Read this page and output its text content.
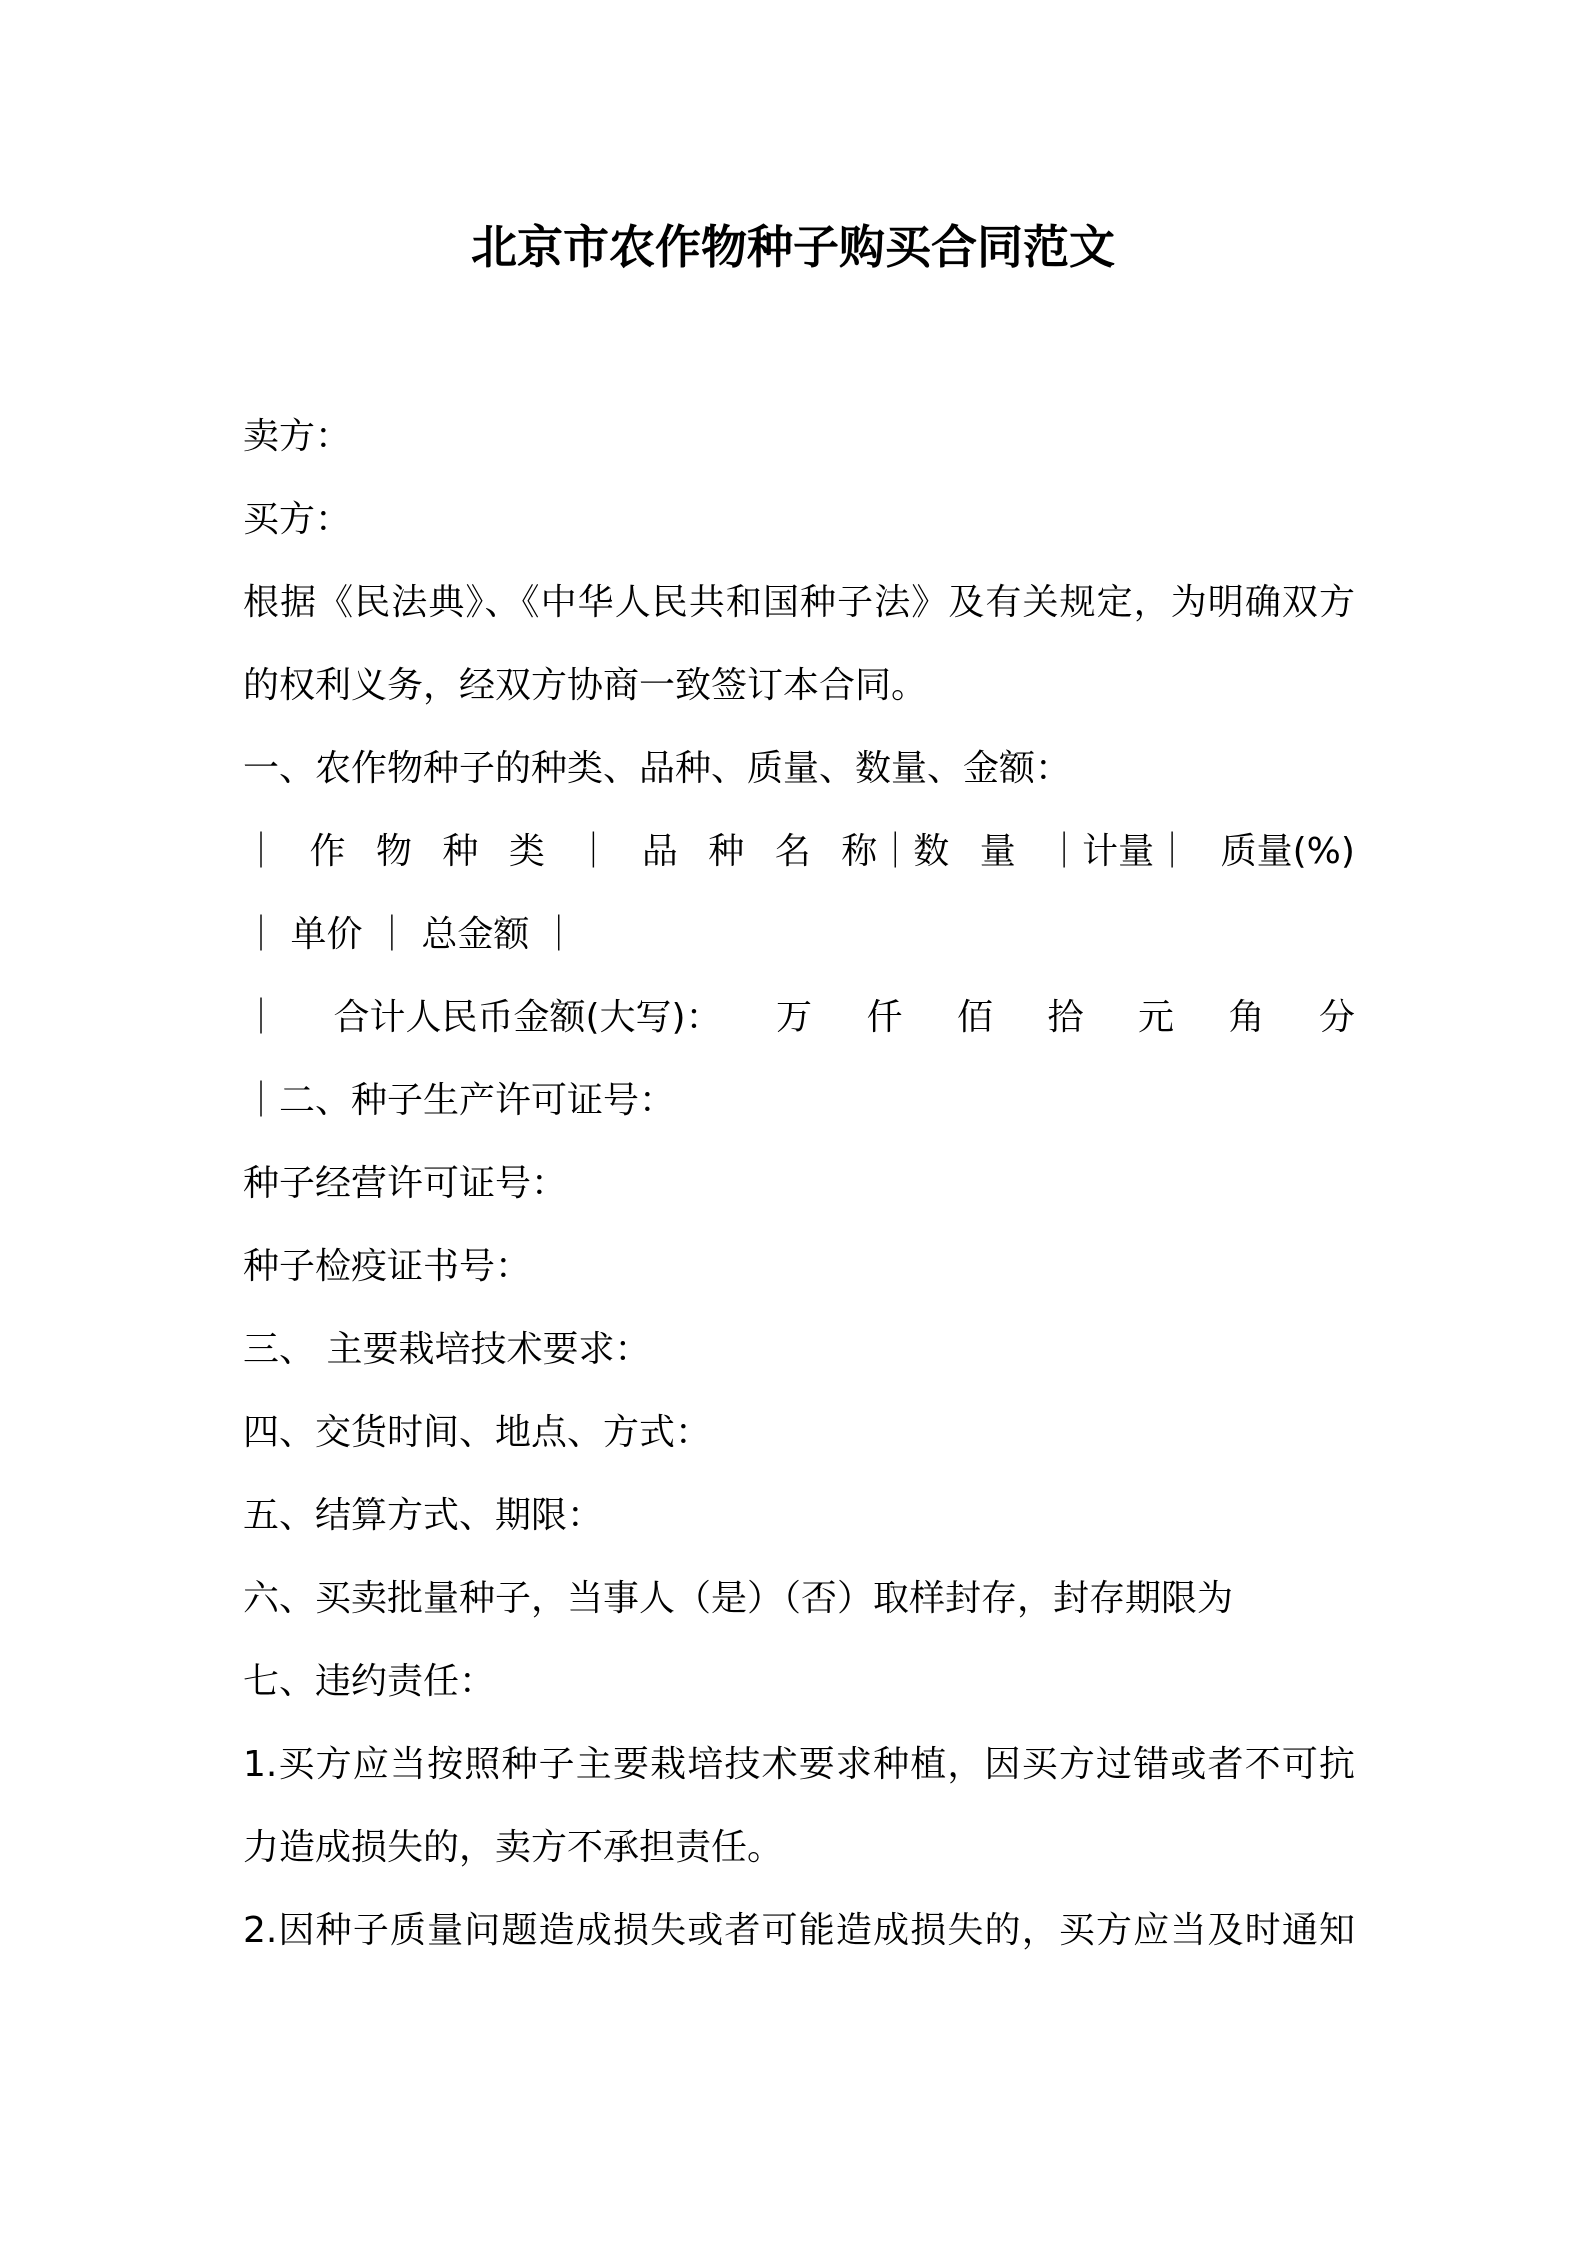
北京市农作物种子购买合同范文
卖方：
买方：
根据《民法典》、《中华人民共和国种子法》及有关规定，为明确双方
的权利义务，经双方协商一致签订本合同。
一、农作物种子的种类、品种、质量、数量、金额：
｜ 作 物 种 类 ｜ 品 种 名 称｜数 量 ｜计量｜ 质量(%)
｜ 单价 ｜ 总金额 ｜
｜ 合计人民币金额(大写)： 万 仟 佰 拾 元 角 分
｜二、种子生产许可证号：
种子经营许可证号：
种子检疫证书号：
三、 主要栽培技术要求：
四、交货时间、地点、方式：
五、结算方式、期限：
六、买卖批量种子，当事人（是）（否）取样封存，封存期限为
七、违约责任：
1.买方应当按照种子主要栽培技术要求种植，因买方过错或者不可抗
力造成损失的，卖方不承担责任。
2.因种子质量问题造成损失或者可能造成损失的，买方应当及时通知
